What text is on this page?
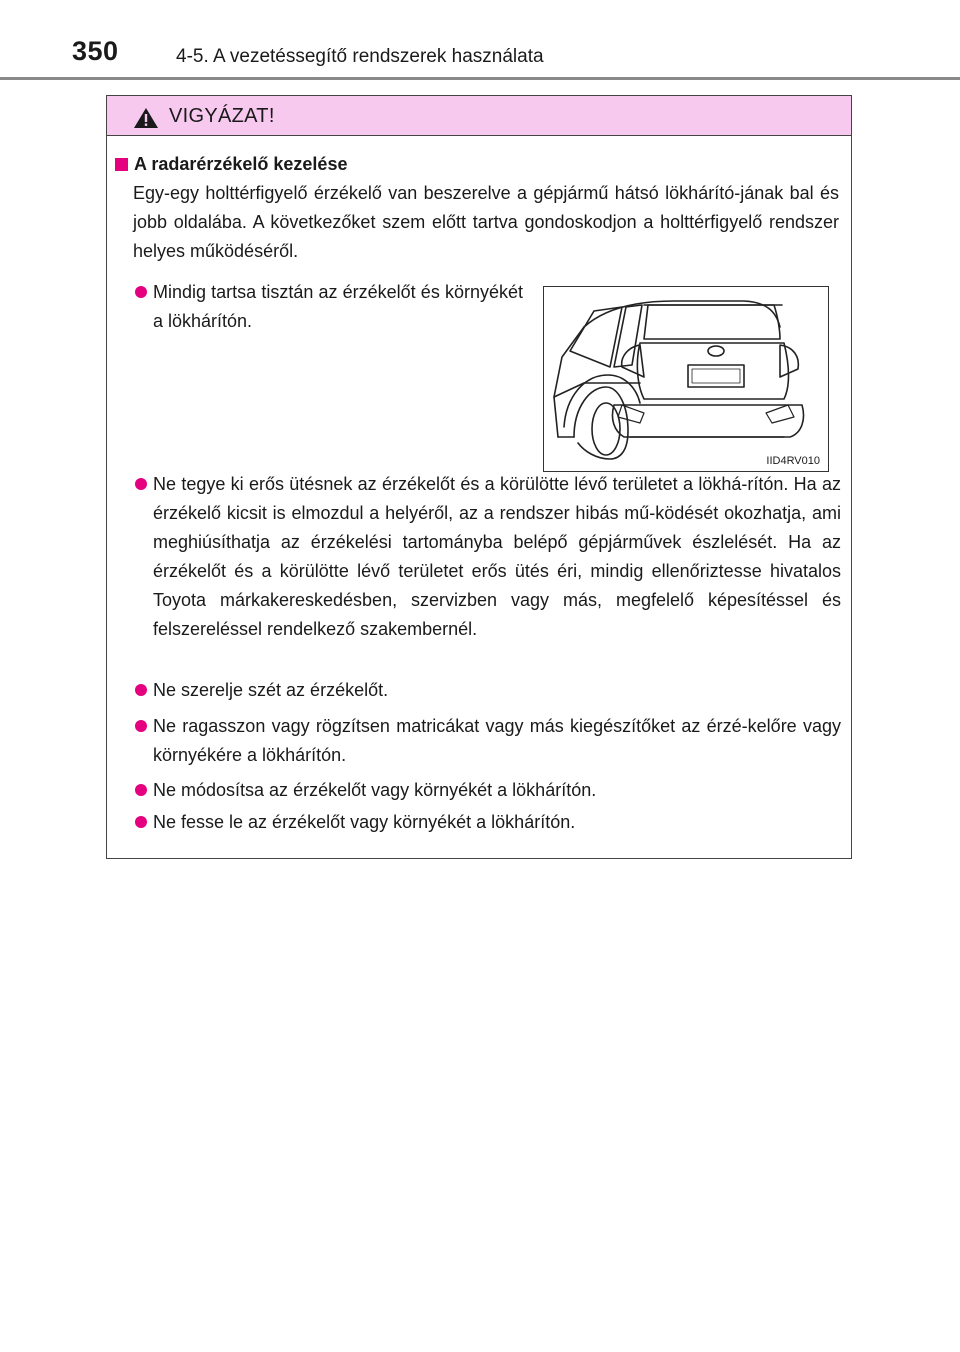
350	4-5. A vezetéssegítő rendszerek használata
VIGYÁZAT!
A radarérzékelő kezelése
Egy-egy holttérfigyelő érzékelő van beszerelve a gépjármű hátsó lökhárító-jának bal és jobb oldalába. A következőket szem előtt tartva gondoskodjon a holttérfigyelő rendszer helyes működéséről.
Mindig tartsa tisztán az érzékelőt és környékét a lökhárítón.
IID4RV010
Ne tegye ki erős ütésnek az érzékelőt és a körülötte lévő területet a lökhá-rítón. Ha az érzékelő kicsit is elmozdul a helyéről, az a rendszer hibás mű-ködését okozhatja, ami meghiúsíthatja az érzékelési tartományba belépő gépjárművek észlelését. Ha az érzékelőt és a körülötte lévő területet erős ütés éri, mindig ellenőriztesse hivatalos Toyota márkakereskedésben, szervizben vagy más, megfelelő képesítéssel és felszereléssel rendelkező szakembernél.
Ne szerelje szét az érzékelőt.
Ne ragasszon vagy rögzítsen matricákat vagy más kiegészítőket az érzé-kelőre vagy környékére a lökhárítón.
Ne módosítsa az érzékelőt vagy környékét a lökhárítón.
Ne fesse le az érzékelőt vagy környékét a lökhárítón.
